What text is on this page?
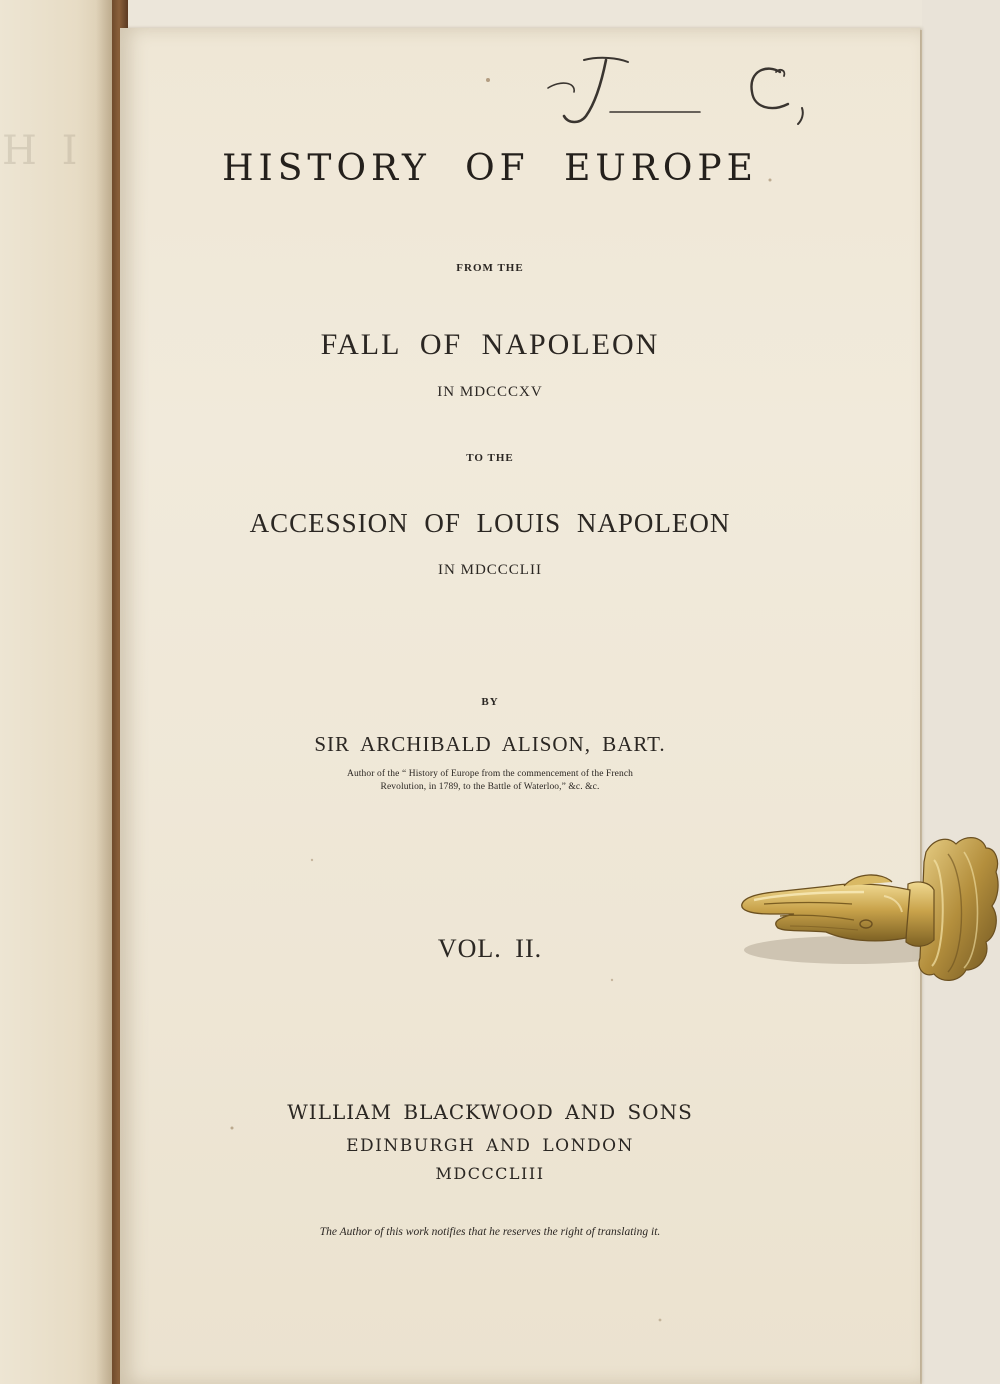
H I	HISTORY OF EUROPE
FROM THE
FALL OF NAPOLEON
IN MDCCCXV
TO THE
ACCESSION OF LOUIS NAPOLEON
IN MDCCCLII
BY
SIR ARCHIBALD ALISON, BART.
Author of the “ History of Europe from the commencement of the French
Revolution, in 1789, to the Battle of Waterloo,” &c. &c.
VOL. II.
WILLIAM BLACKWOOD AND SONS
EDINBURGH AND LONDON
MDCCCLIII
The Author of this work notifies that he reserves the right of translating it.
